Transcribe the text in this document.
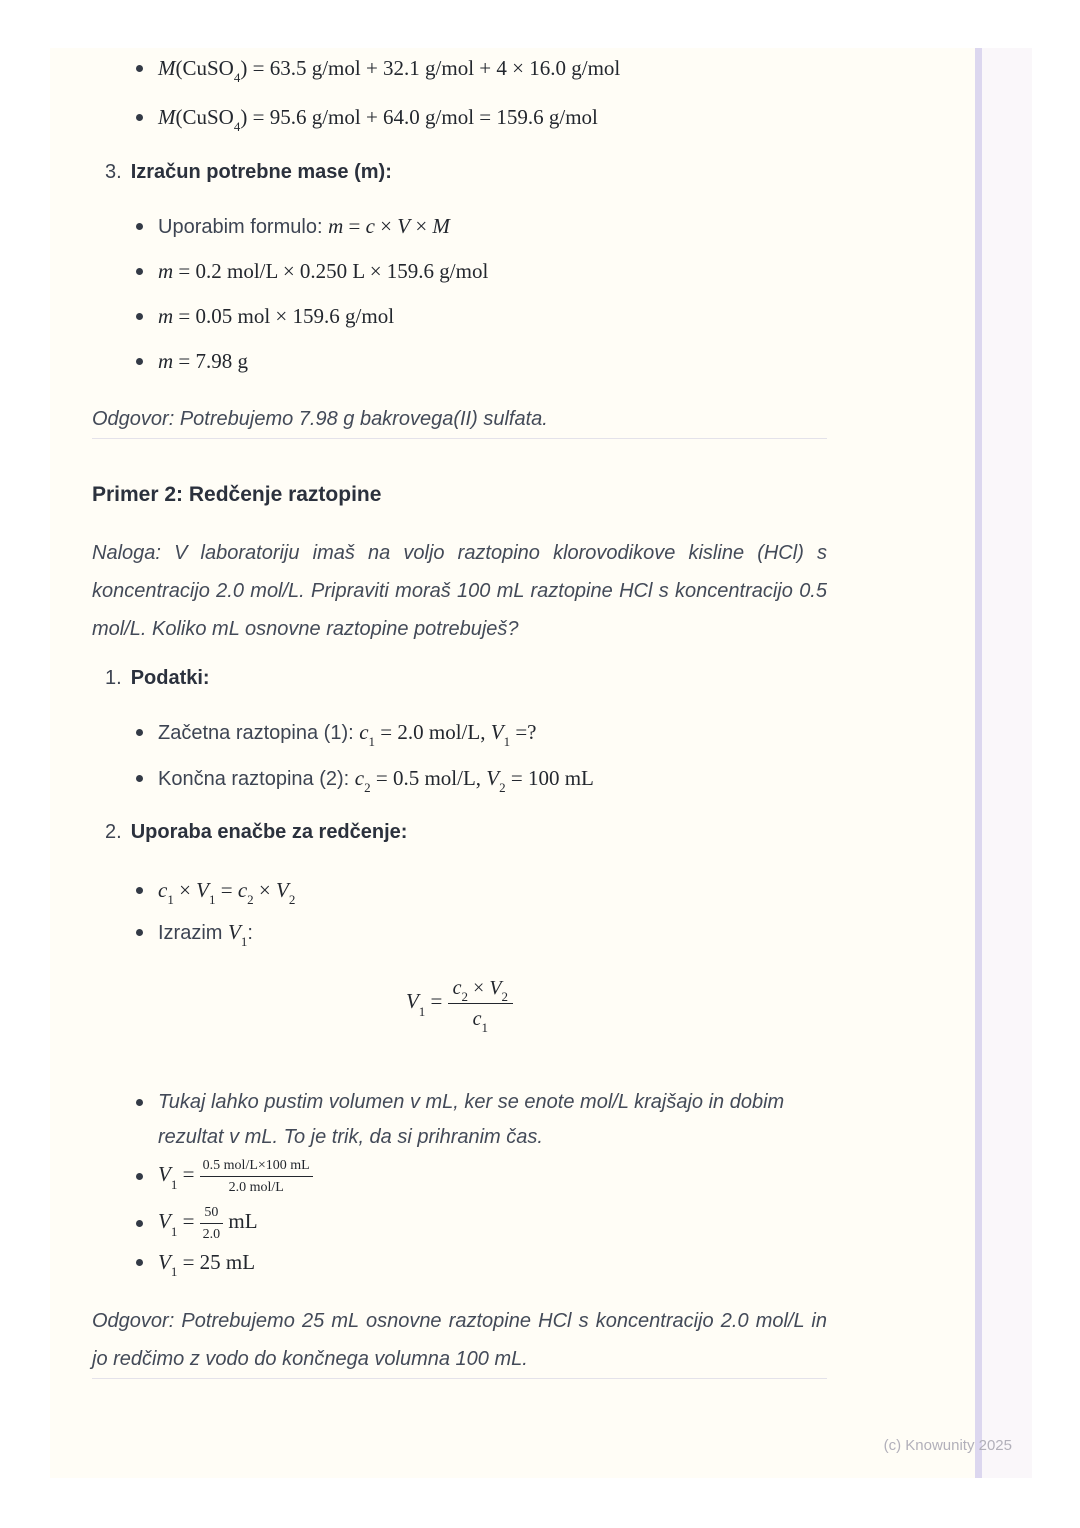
M(CuSO$_4$) = 63.5 g/mol + 32.1 g/mol + 4 × 16.0 g/mol
M(CuSO$_4$) = 95.6 g/mol + 64.0 g/mol = 159.6 g/mol
3. Izračun potrebne mase (m):
Uporabim formulo: m = c × V × M
m = 0.2 mol/L × 0.250 L × 159.6 g/mol
m = 0.05 mol × 159.6 g/mol
m = 7.98 g
Odgovor: Potrebujemo 7.98 g bakrovega(II) sulfata.
Primer 2: Redčenje raztopine
Naloga: V laboratoriju imaš na voljo raztopino klorovodikove kisline (HCl) s koncentracijo 2.0 mol/L. Pripraviti moraš 100 mL raztopine HCl s koncentracijo 0.5 mol/L. Koliko mL osnovne raztopine potrebuješ?
1. Podatki:
Začetna raztopina (1): $c_1 = 2.0$ mol/L, $V_1$ =?
Končna raztopina (2): $c_2 = 0.5$ mol/L, $V_2 = 100$ mL
2. Uporaba enačbe za redčenje:
$c_1 \times V_1 = c_2 \times V_2$
Izrazim $V_1$:
$V_1 = \frac{c_2 \times V_2}{c_1}$
Tukaj lahko pustim volumen v mL, ker se enote mol/L krajšajo in dobim rezultat v mL. To je trik, da si prihranim čas.
$V_1 = \frac{\text{0.5 mol/L×100 mL}}{\text{2.0 mol/L}}$
$V_1 = \frac{50}{2.0}$ mL
$V_1 = 25$ mL
Odgovor: Potrebujemo 25 mL osnovne raztopine HCl s koncentracijo 2.0 mol/L in jo redčimo z vodo do končnega volumna 100 mL.
(c) Knowunity 2025
